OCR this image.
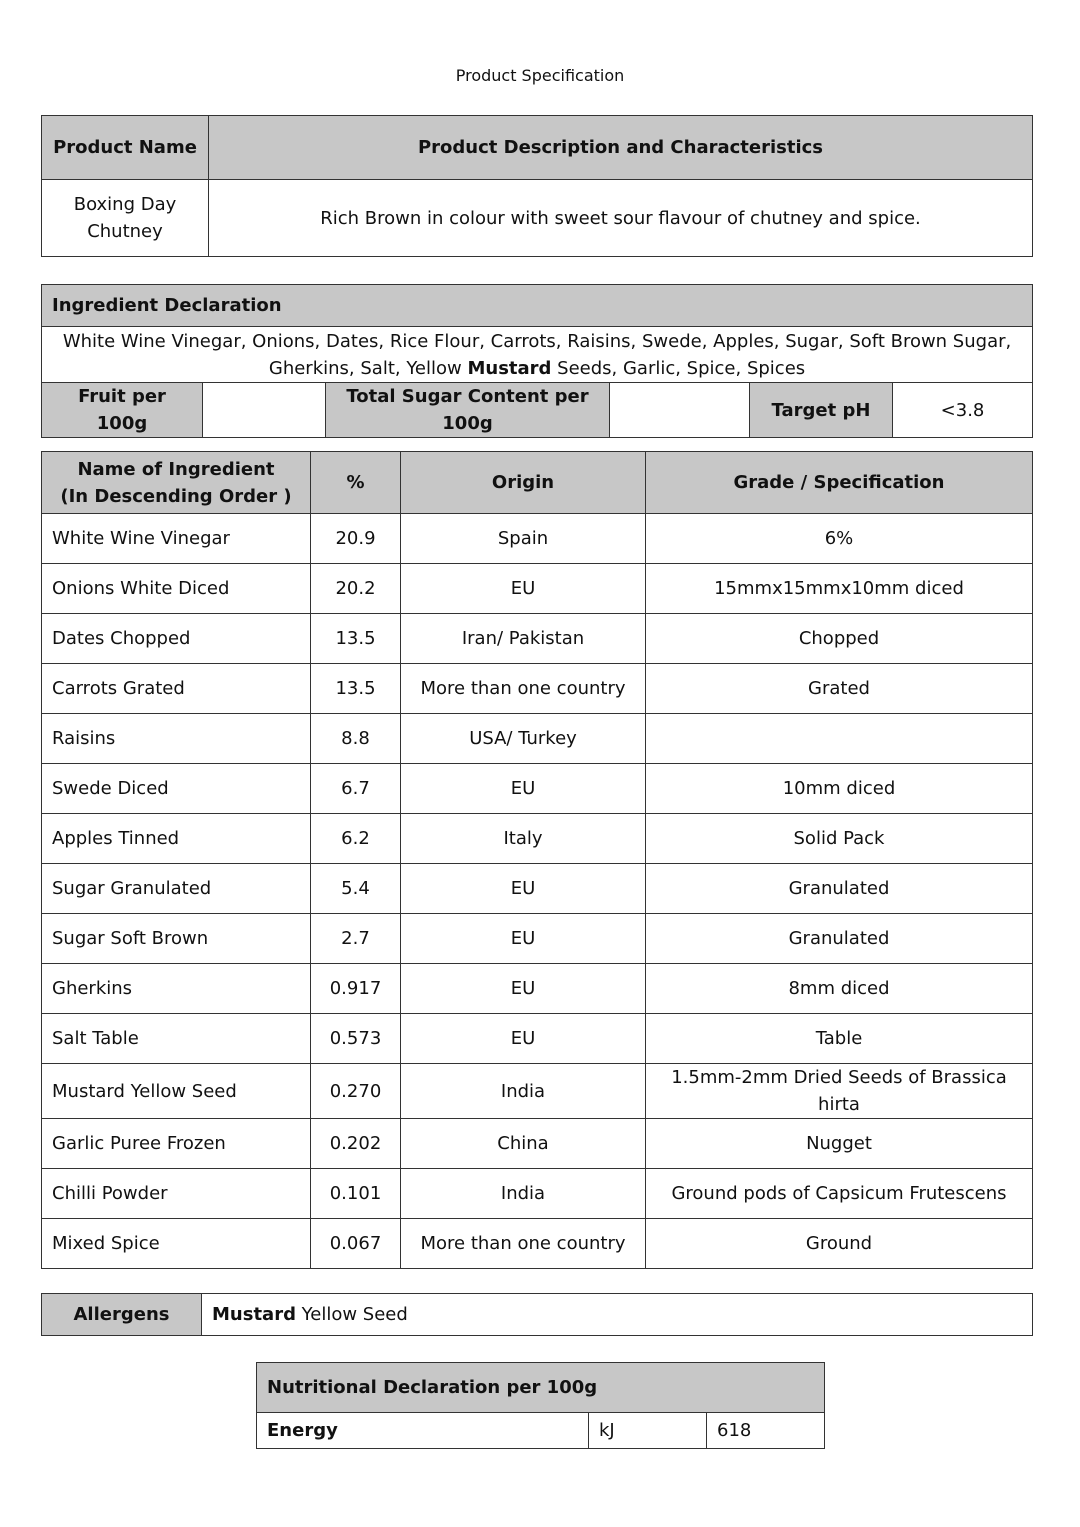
Product Specification
Product Name	Product Description and Characteristics

Boxing Day
Chutney	Rich Brown in colour with sweet sour flavour of chutney and spice.
Ingredient Declaration

White Wine Vinegar, Onions, Dates, Rice Flour, Carrots, Raisins, Swede, Apples, Sugar, Soft Brown Sugar,
Gherkins, Salt, Yellow Mustard Seeds, Garlic, Spice, Spices

Fruit per 100g		Total Sugar Content per 100g		Target pH	<3.8
Name of Ingredient
(In Descending Order )	%	Origin	Grade / Specification
White Wine Vinegar	20.9	Spain	6%
Onions White Diced	20.2	EU	15mmx15mmx10mm diced
Dates Chopped	13.5	Iran/ Pakistan	Chopped
Carrots Grated	13.5	More than one country	Grated
Raisins	8.8	USA/ Turkey	
Swede Diced	6.7	EU	10mm diced
Apples Tinned	6.2	Italy	Solid Pack
Sugar Granulated	5.4	EU	Granulated
Sugar Soft Brown	2.7	EU	Granulated
Gherkins	0.917	EU	8mm diced
Salt Table	0.573	EU	Table
Mustard Yellow Seed	0.270	India	1.5mm-2mm Dried Seeds of Brassica hirta
Garlic Puree Frozen	0.202	China	Nugget
Chilli Powder	0.101	India	Ground pods of Capsicum Frutescens
Mixed Spice	0.067	More than one country	Ground
Allergens	Mustard Yellow Seed
Nutritional Declaration per 100g
Energy	kJ	618
